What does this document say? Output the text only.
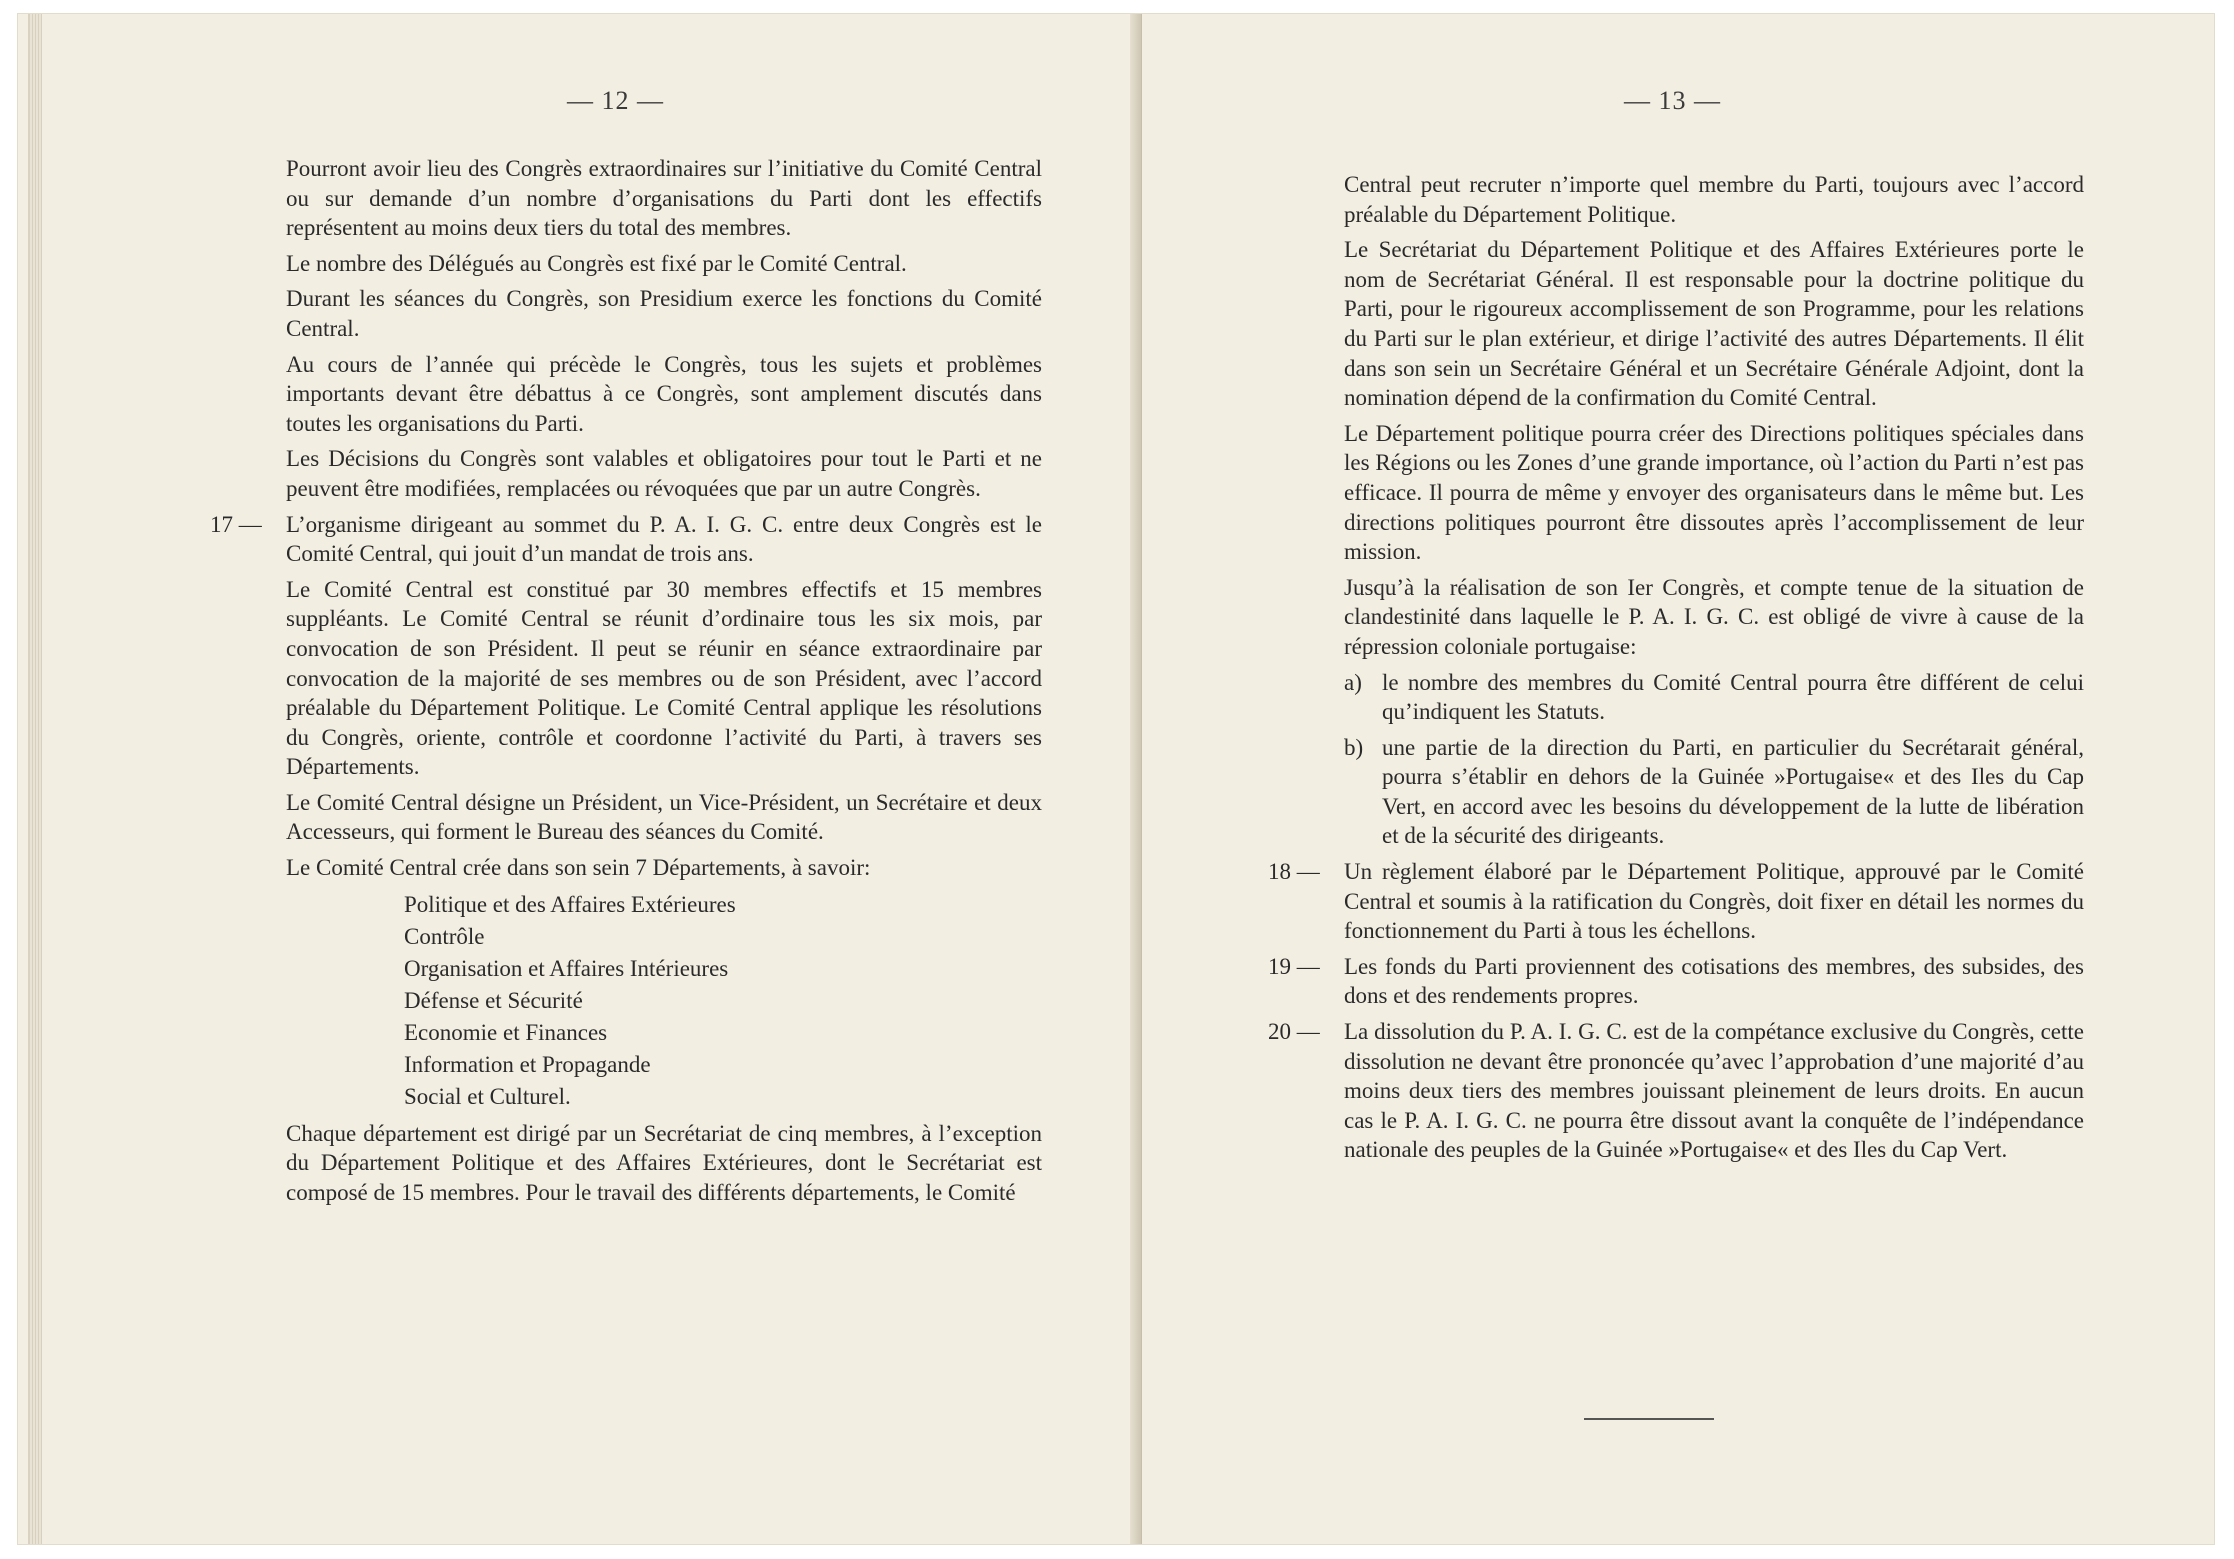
— 12 —

Pourront avoir lieu des Congrès extraordinaires sur l’initiative du Comité Central ou sur demande d’un nombre d’organisations du Parti dont les effectifs représentent au moins deux tiers du total des membres.

Le nombre des Délégués au Congrès est fixé par le Comité Central.

Durant les séances du Congrès, son Presidium exerce les fonctions du Comité Central.

Au cours de l’année qui précède le Congrès, tous les sujets et problèmes importants devant être débattus à ce Congrès, sont amplement discutés dans toutes les organisations du Parti.

Les Décisions du Congrès sont valables et obligatoires pour tout le Parti et ne peuvent être modifiées, remplacées ou révoquées que par un autre Congrès.

17 — L’organisme dirigeant au sommet du P. A. I. G. C. entre deux Congrès est le Comité Central, qui jouit d’un mandat de trois ans.

Le Comité Central est constitué par 30 membres effectifs et 15 membres suppléants. Le Comité Central se réunit d’ordinaire tous les six mois, par convocation de son Président. Il peut se réunir en séance extraordinaire par convocation de la majorité de ses membres ou de son Président, avec l’accord préalable du Département Politique. Le Comité Central applique les résolutions du Congrès, oriente, contrôle et coordonne l’activité du Parti, à travers ses Départements.

Le Comité Central désigne un Président, un Vice-Président, un Secrétaire et deux Accesseurs, qui forment le Bureau des séances du Comité.

Le Comité Central crée dans son sein 7 Départements, à savoir:

Politique et des Affaires Extérieures
Contrôle
Organisation et Affaires Intérieures
Défense et Sécurité
Economie et Finances
Information et Propagande
Social et Culturel.

Chaque département est dirigé par un Secrétariat de cinq membres, à l’exception du Département Politique et des Affaires Extérieures, dont le Secrétariat est composé de 15 membres. Pour le travail des différents départements, le Comité

— 13 —

Central peut recruter n’importe quel membre du Parti, toujours avec l’accord préalable du Département Politique.

Le Secrétariat du Département Politique et des Affaires Extérieures porte le nom de Secrétariat Général. Il est responsable pour la doctrine politique du Parti, pour le rigoureux accomplissement de son Programme, pour les relations du Parti sur le plan extérieur, et dirige l’activité des autres Départements. Il élit dans son sein un Secrétaire Général et un Secrétaire Générale Adjoint, dont la nomination dépend de la confirmation du Comité Central.

Le Département politique pourra créer des Directions politiques spéciales dans les Régions ou les Zones d’une grande importance, où l’action du Parti n’est pas efficace. Il pourra de même y envoyer des organisateurs dans le même but. Les directions politiques pourront être dissoutes après l’accomplissement de leur mission.

Jusqu’à la réalisation de son Ier Congrès, et compte tenue de la situation de clandestinité dans laquelle le P. A. I. G. C. est obligé de vivre à cause de la répression coloniale portugaise:

a) le nombre des membres du Comité Central pourra être différent de celui qu’indiquent les Statuts.
b) une partie de la direction du Parti, en particulier du Secrétarait général, pourra s’établir en dehors de la Guinée »Portugaise« et des Iles du Cap Vert, en accord avec les besoins du développement de la lutte de libération et de la sécurité des dirigeants.
18 — Un règlement élaboré par le Département Politique, approuvé par le Comité Central et soumis à la ratification du Congrès, doit fixer en détail les normes du fonctionnement du Parti à tous les échellons.

19 — Les fonds du Parti proviennent des cotisations des membres, des subsides, des dons et des rendements propres.

20 — La dissolution du P. A. I. G. C. est de la compétance exclusive du Congrès, cette dissolution ne devant être prononcée qu’avec l’approbation d’une majorité d’au moins deux tiers des membres jouissant pleinement de leurs droits. En aucun cas le P. A. I. G. C. ne pourra être dissout avant la conquête de l’indépendance nationale des peuples de la Guinée »Portugaise« et des Iles du Cap Vert.
